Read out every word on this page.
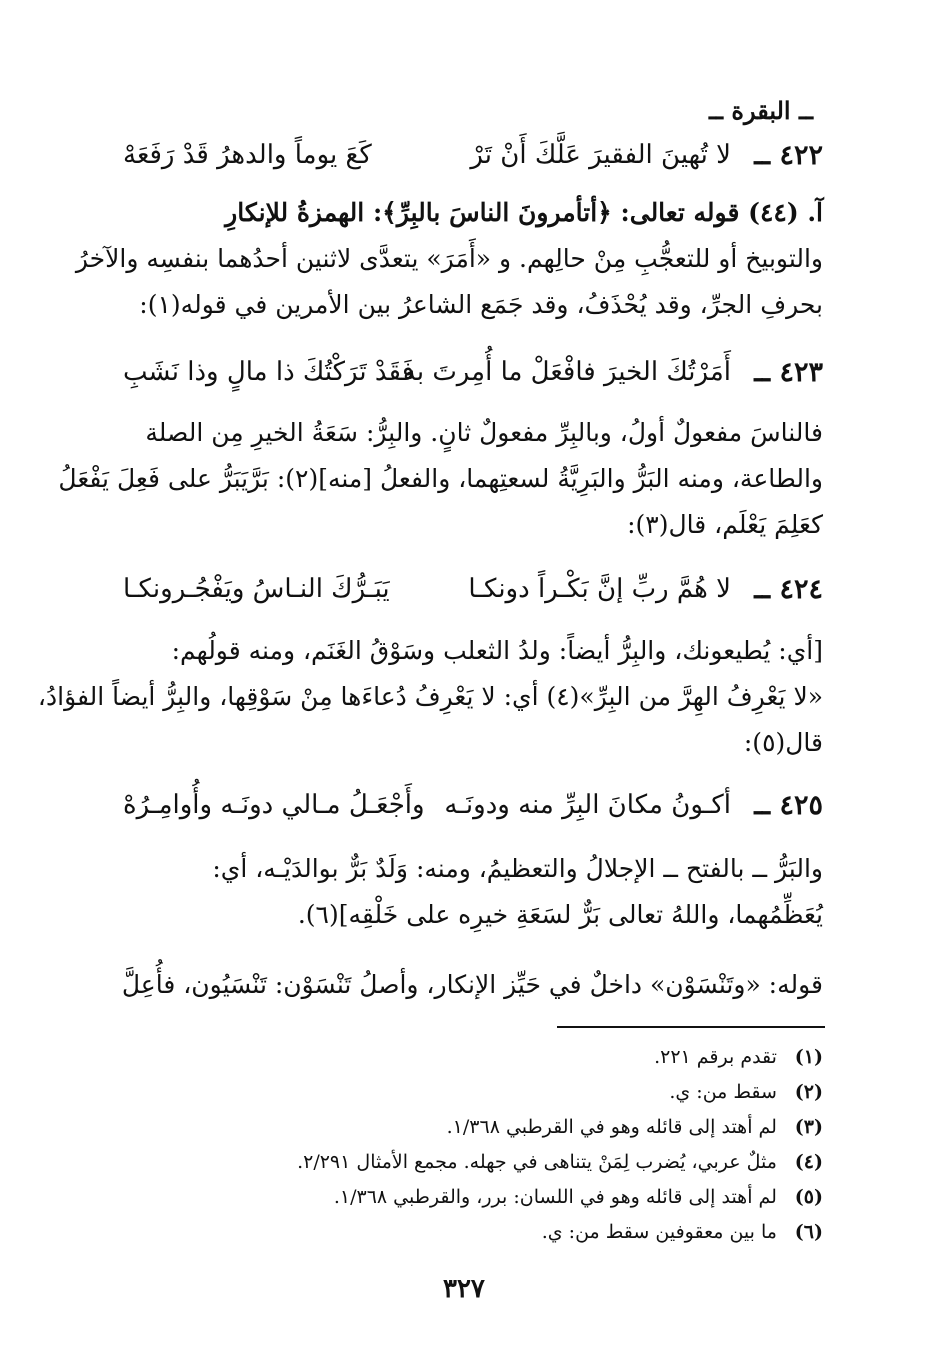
ــ البقرة ــ
٤٢٢ ــ
لا تُهينَ الفقيرَ عَلَّكَ أَنْ تَرْ
كَعَ يوماً والدهرُ قَدْ رَفَعَهْ
آ. (٤٤) قوله تعالى: ﴿أتأمرونَ الناسَ بالبِرِّ﴾: الهمزةُ للإنكارِ
والتوبيخ أو للتعجُّبِ مِنْ حالِهم. و «أَمَرَ» يتعدَّى لاثنين أحدُهما بنفسِه والآخرُ
بحرفِ الجرِّ، وقد يُحْذَفُ، وقد جَمَع الشاعرُ بين الأمرين في قوله(١):
٤٢٣ ــ
أَمَرْتُكَ الخيرَ فافْعَلْ ما أُمِرتَ به
فَقَدْ تَرَكْتُكَ ذا مالٍ وذا نَشَبِ
فالناسَ مفعولٌ أولُ، وبالبِرِّ مفعولٌ ثانٍ. والبِرُّ: سَعَةُ الخيرِ مِن الصلة
والطاعة، ومنه البَرُّ والبَرِيَّةُ لسعتِهما، والفعلُ [منه](٢): بَرَّيَبَرُّ على فَعِلَ يَفْعَلُ
كعَلِمَ يَعْلَم، قال(٣):
٤٢٤ ــ
لا هُمَّ ربِّ إنَّ بَكْـراً دونكـا
يَبَـرُّكَ النـاسُ ويَفْجُـرونكـا
[أي: يُطيعونك، والبِرُّ أيضاً: ولدُ الثعلب وسَوْقُ الغَنَم، ومنه قولُهم:
«لا يَعْرِفُ الهِرَّ من البِرِّ»(٤) أي: لا يَعْرِفُ دُعاءَها مِنْ سَوْقِها، والبِرُّ أيضاً الفؤادُ،
قال(٥):
٤٢٥ ــ
أكـونُ مكانَ البِرِّ منه ودونَـه
وأَجْعَـلُ مـالي دونَـه وأُوامِـرُهْ
والبَرُّ ــ بالفتح ــ الإجلالُ والتعظيمُ، ومنه: وَلَدٌ بَرٌّ بوالدَيْـه، أي:
يُعَظِّمُهما، واللهُ تعالى بَرٌّ لسَعَةِ خيرِه على خَلْقِه](٦).
قوله: «وتَنْسَوْن» داخلٌ في حَيِّز الإنكار، وأصلُ تَنْسَوْن: تَنْسَيُون، فأُعِلَّ
(١) تقدم برقم ٢٢١.
(٢) سقط من: ي.
(٣) لم أهتد إلى قائله وهو في القرطبي ١/٣٦٨.
(٤) مثلٌ عربي، يُضرب لِمَنْ يتناهى في جهله. مجمع الأمثال ٢/٢٩١.
(٥) لم أهتد إلى قائله وهو في اللسان: برر، والقرطبي ١/٣٦٨.
(٦) ما بين معقوفين سقط من: ي.
٣٢٧
